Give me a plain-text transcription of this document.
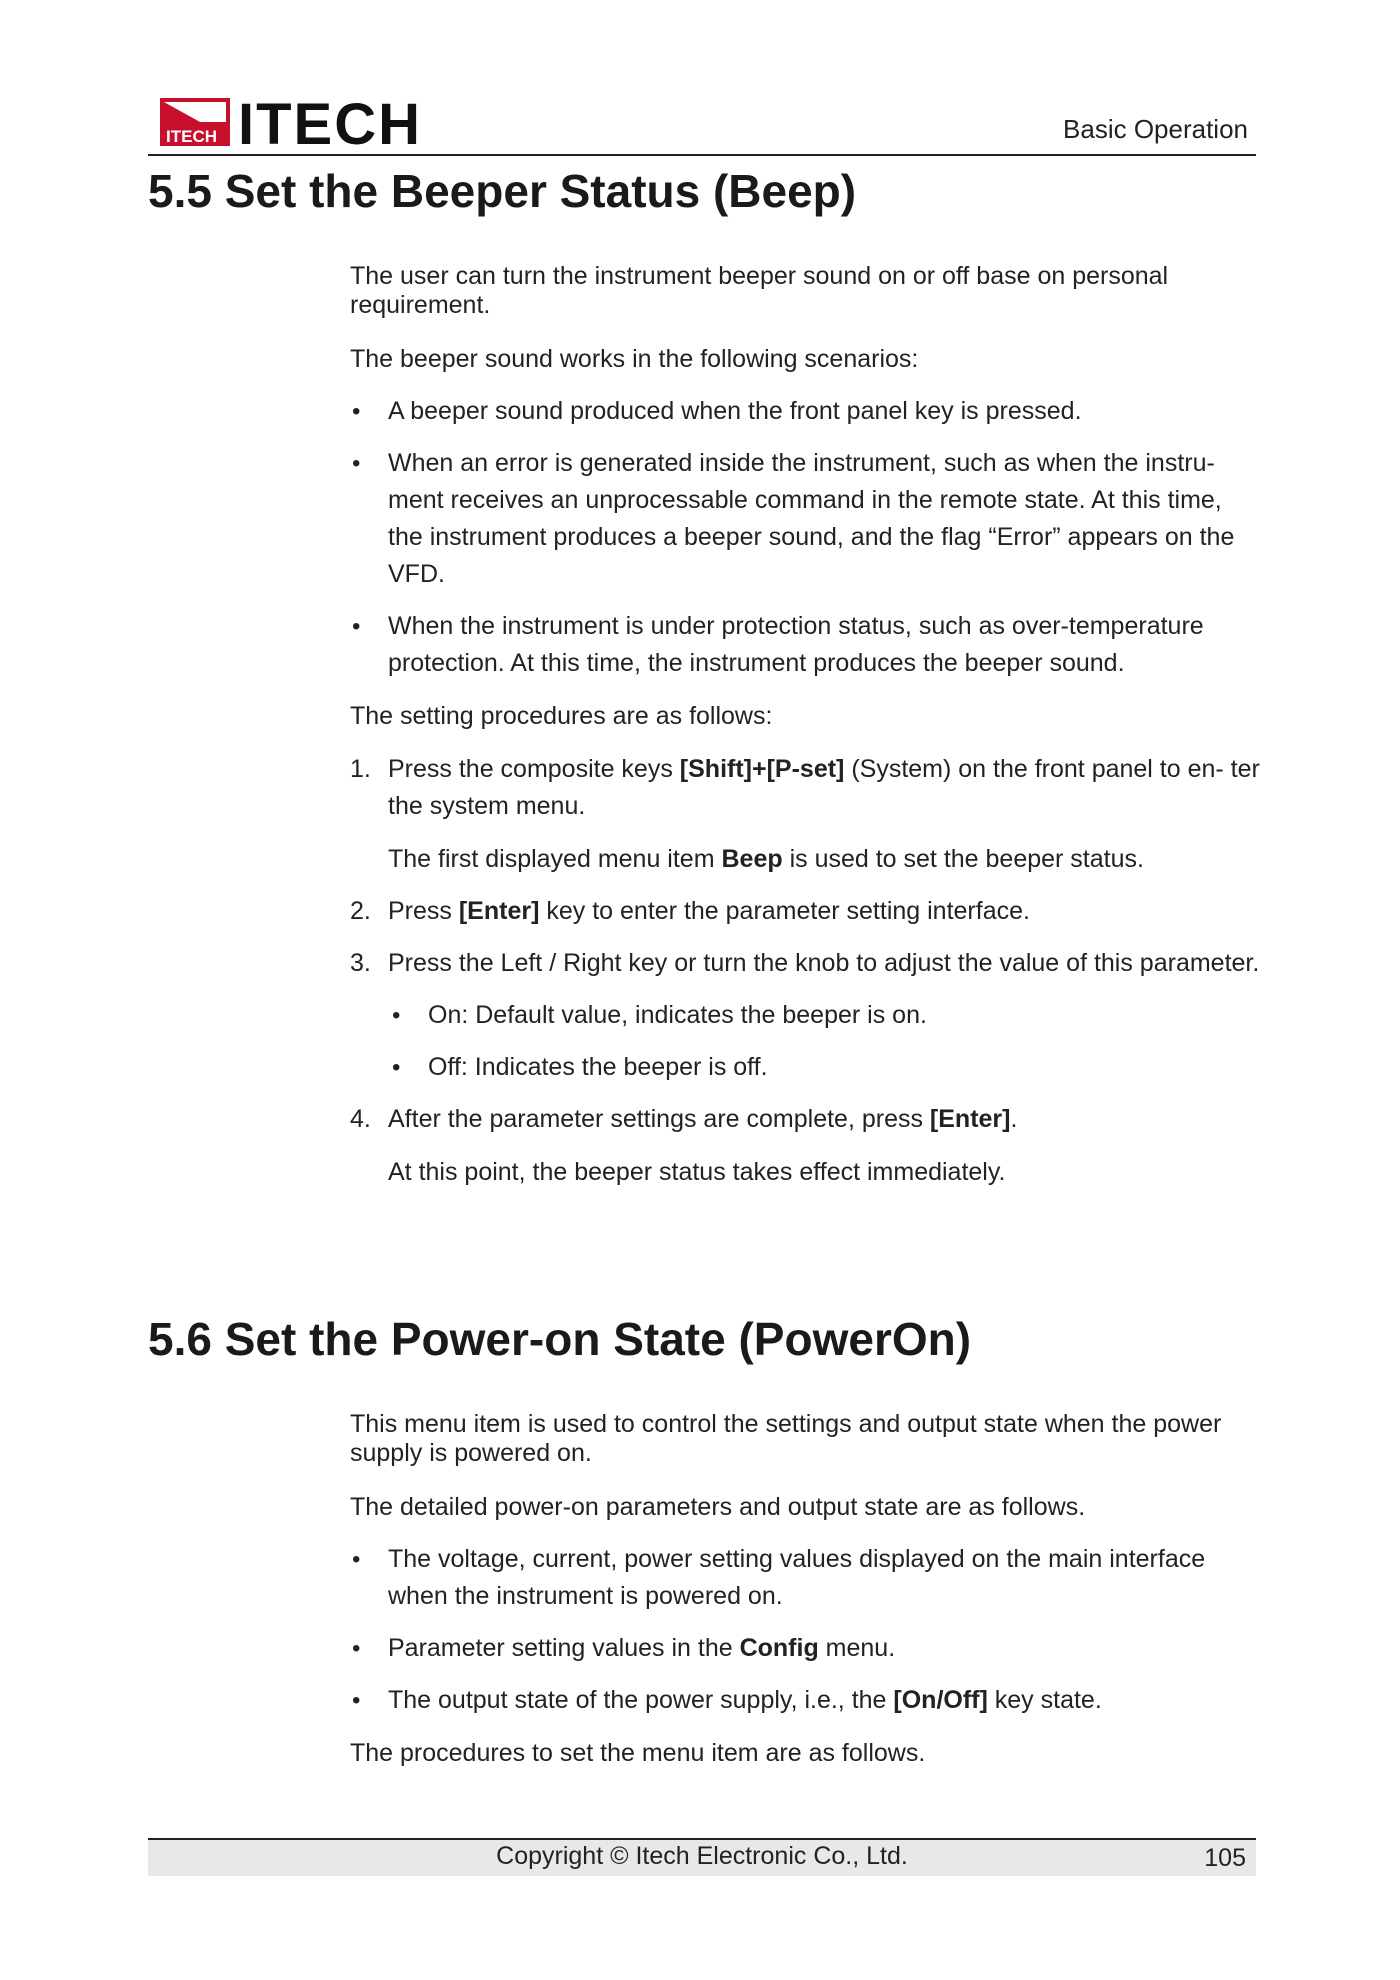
ITECH ITECH	Basic Operation
5.5 Set the Beeper Status (Beep)

The user can turn the instrument beeper sound on or off base on personal requirement.

The beeper sound works in the following scenarios:

• A beeper sound produced when the front panel key is pressed.
• When an error is generated inside the instrument, such as when the instru- ment receives an unprocessable command in the remote state. At this time, the instrument produces a beeper sound, and the flag “Error” appears on the VFD.
• When the instrument is under protection status, such as over-temperature protection. At this time, the instrument produces the beeper sound.

The setting procedures are as follows:

1. Press the composite keys [Shift]+[P-set] (System) on the front panel to en- ter the system menu.

The first displayed menu item Beep is used to set the beeper status.

2. Press [Enter] key to enter the parameter setting interface.
3. Press the Left / Right key or turn the knob to adjust the value of this parameter.
• On: Default value, indicates the beeper is on.
• Off: Indicates the beeper is off.
4. After the parameter settings are complete, press [Enter].

At this point, the beeper status takes effect immediately.

5.6 Set the Power-on State (PowerOn)

This menu item is used to control the settings and output state when the power supply is powered on.

The detailed power-on parameters and output state are as follows.

• The voltage, current, power setting values displayed on the main interface when the instrument is powered on.
• Parameter setting values in the Config menu.
• The output state of the power supply, i.e., the [On/Off] key state.

The procedures to set the menu item are as follows.

Copyright © Itech Electronic Co., Ltd.	105
